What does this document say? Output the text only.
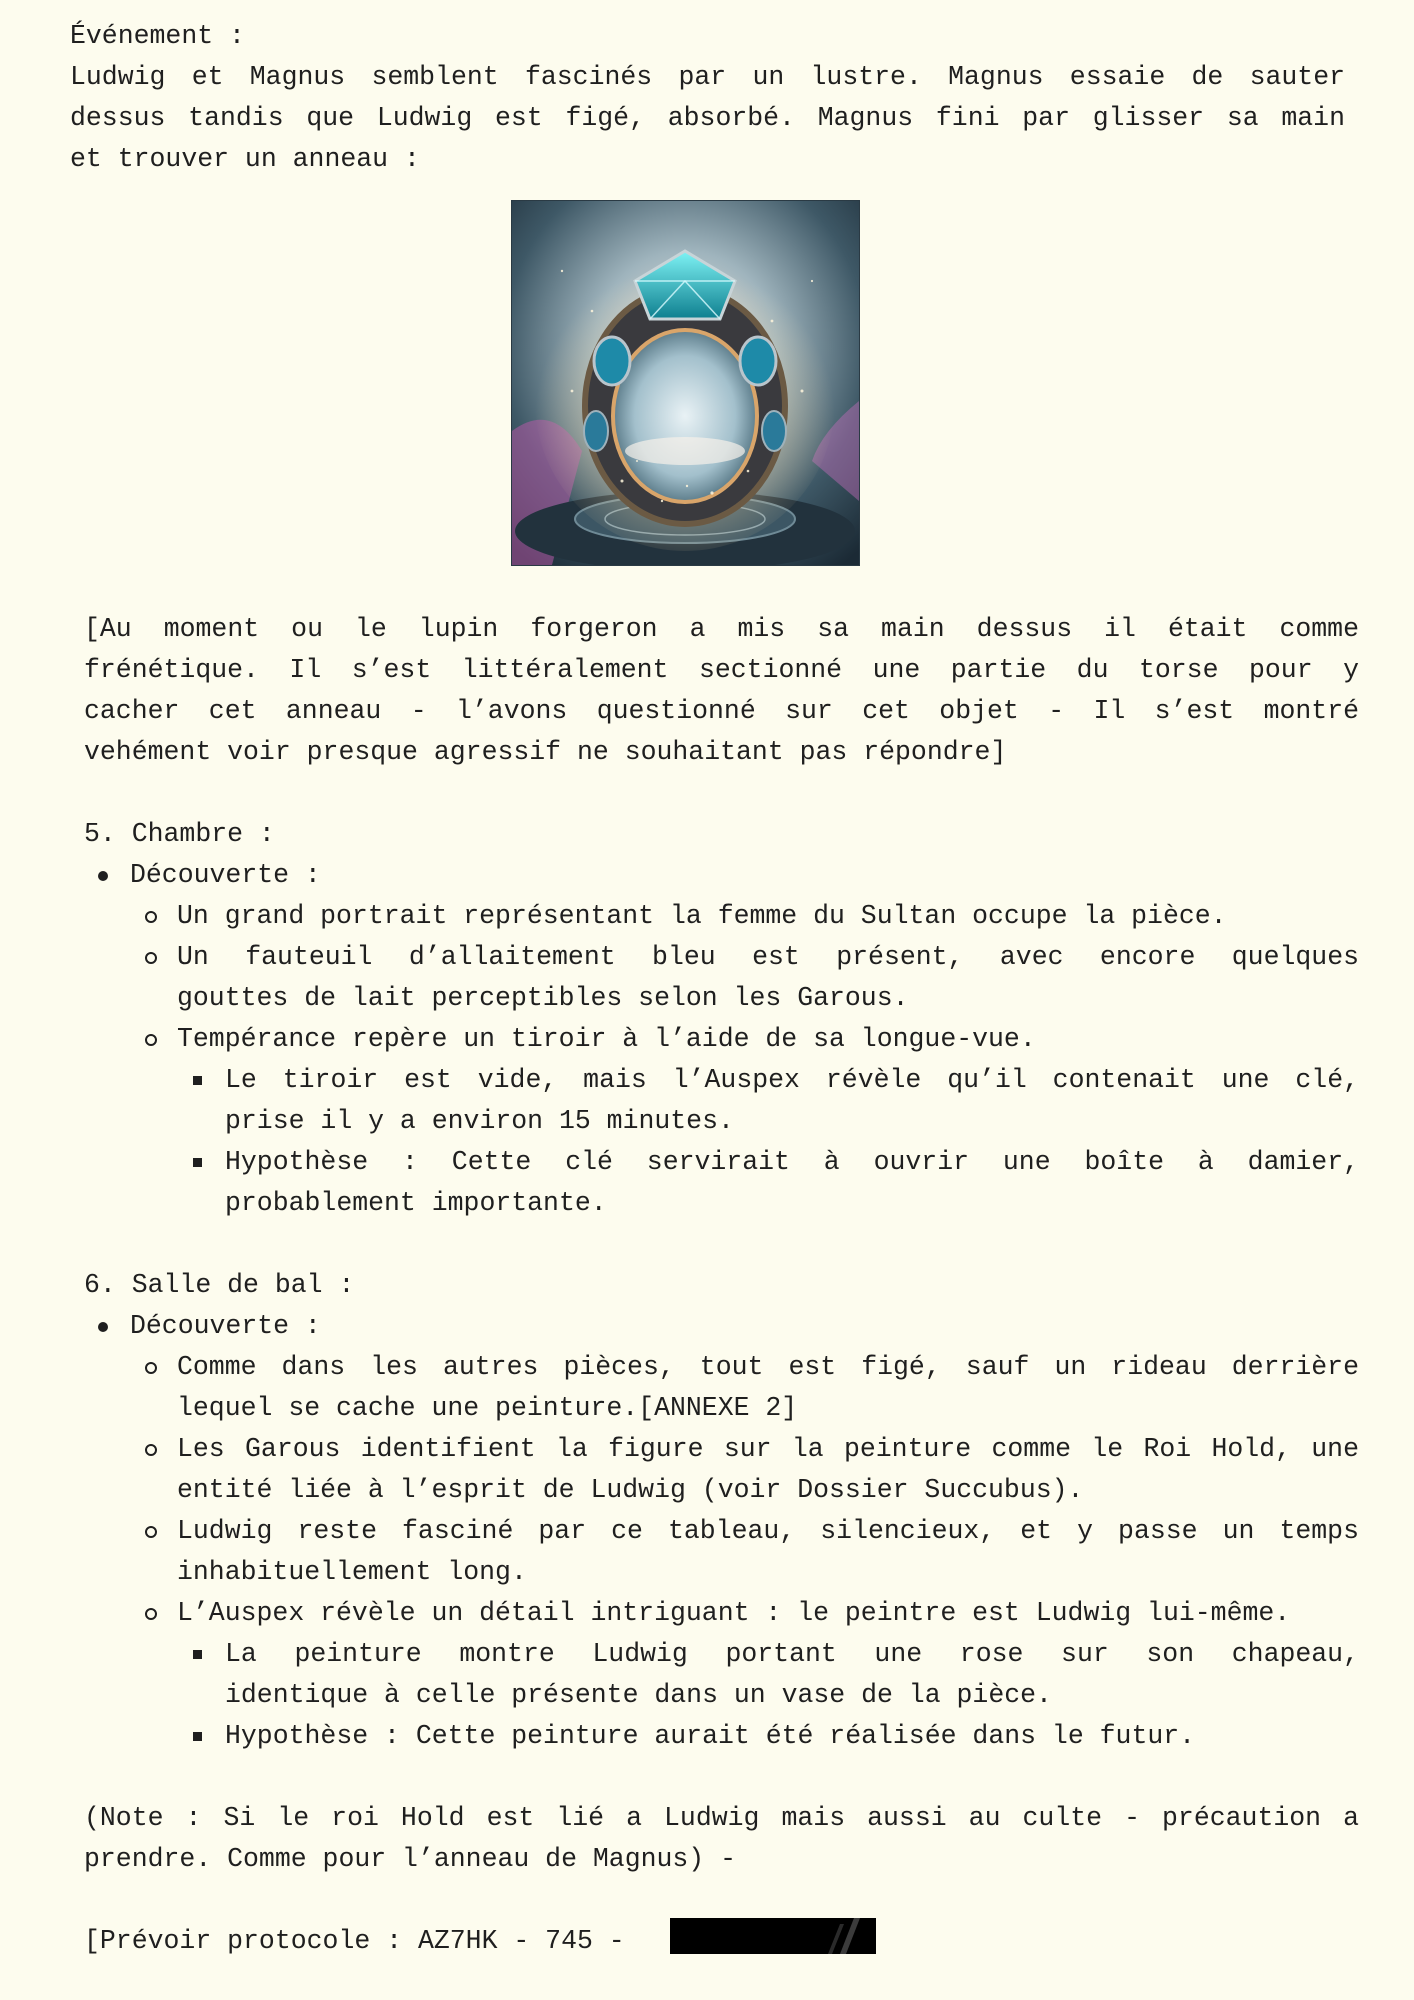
Événement :
Ludwig et Magnus semblent fascinés par un lustre. Magnus essaie de sauter
dessus tandis que Ludwig est figé, absorbé. Magnus fini par glisser sa main
et trouver un anneau :
[Au moment ou le lupin forgeron a mis sa main dessus il était comme
frénétique. Il s’est littéralement sectionné une partie du torse pour y
cacher cet anneau - l’avons questionné sur cet objet - Il s’est montré
vehément voir presque agressif ne souhaitant pas répondre]
5. Chambre :
Découverte :
Un grand portrait représentant la femme du Sultan occupe la pièce.
Un fauteuil d’allaitement bleu est présent, avec encore quelques
gouttes de lait perceptibles selon les Garous.
Tempérance repère un tiroir à l’aide de sa longue-vue.
Le tiroir est vide, mais l’Auspex révèle qu’il contenait une clé,
prise il y a environ 15 minutes.
Hypothèse : Cette clé servirait à ouvrir une boîte à damier,
probablement importante.
6. Salle de bal :
Découverte :
Comme dans les autres pièces, tout est figé, sauf un rideau derrière
lequel se cache une peinture.[ANNEXE 2]
Les Garous identifient la figure sur la peinture comme le Roi Hold, une
entité liée à l’esprit de Ludwig (voir Dossier Succubus).
Ludwig reste fasciné par ce tableau, silencieux, et y passe un temps
inhabituellement long.
L’Auspex révèle un détail intriguant : le peintre est Ludwig lui-même.
La peinture montre Ludwig portant une rose sur son chapeau,
identique à celle présente dans un vase de la pièce.
Hypothèse : Cette peinture aurait été réalisée dans le futur.
(Note : Si le roi Hold est lié a Ludwig mais aussi au culte - précaution a
prendre. Comme pour l’anneau de Magnus) -
[Prévoir protocole : AZ7HK - 745 -
